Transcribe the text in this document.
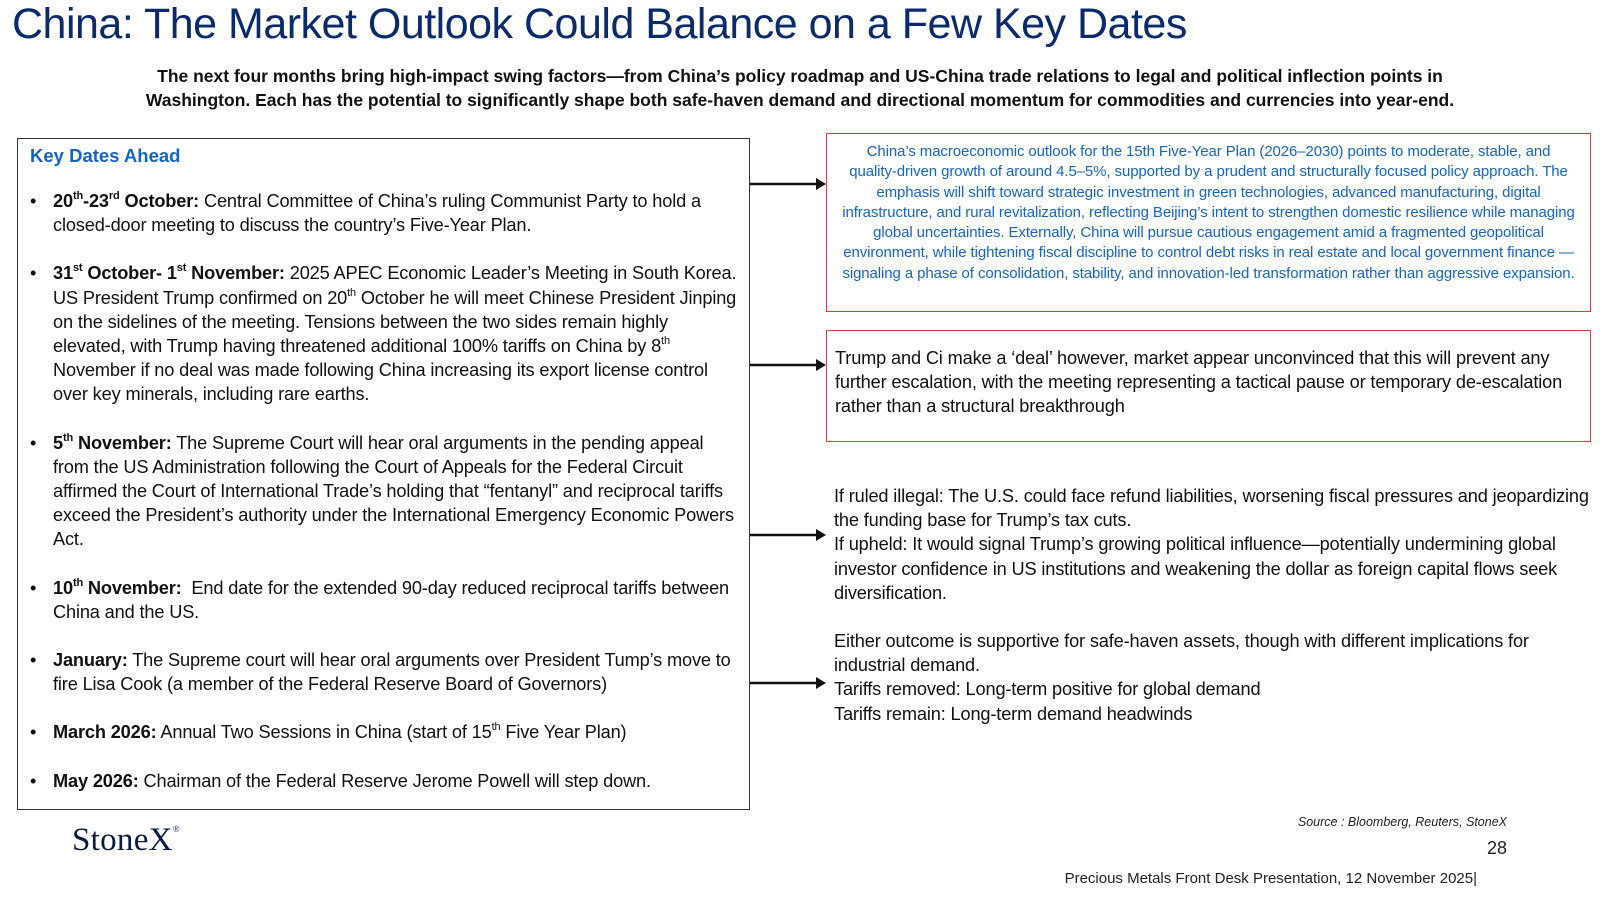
China: The Market Outlook Could Balance on a Few Key Dates
The next four months bring high-impact swing factors—from China’s policy roadmap and US-China trade relations to legal and political inflection points in
Washington. Each has the potential to significantly shape both safe-haven demand and directional momentum for commodities and currencies into year-end.
Key Dates Ahead
• 20th-23rd October: Central Committee of China’s ruling Communist Party to hold a closed-door meeting to discuss the country’s Five-Year Plan.
• 31st October- 1st November: 2025 APEC Economic Leader’s Meeting in South Korea. US President Trump confirmed on 20th October he will meet Chinese President Jinping on the sidelines of the meeting. Tensions between the two sides remain highly elevated, with Trump having threatened additional 100% tariffs on China by 8th November if no deal was made following China increasing its export license control over key minerals, including rare earths.
• 5th November: The Supreme Court will hear oral arguments in the pending appeal from the US Administration following the Court of Appeals for the Federal Circuit affirmed the Court of International Trade’s holding that “fentanyl” and reciprocal tariffs exceed the President’s authority under the International Emergency Economic Powers Act.
• 10th November:  End date for the extended 90-day reduced reciprocal tariffs between China and the US.
• January: The Supreme court will hear oral arguments over President Tump’s move to fire Lisa Cook (a member of the Federal Reserve Board of Governors)
• March 2026: Annual Two Sessions in China (start of 15th Five Year Plan)
• May 2026: Chairman of the Federal Reserve Jerome Powell will step down.
China’s macroeconomic outlook for the 15th Five-Year Plan (2026–2030) points to moderate, stable, and quality-driven growth of around 4.5–5%, supported by a prudent and structurally focused policy approach. The emphasis will shift toward strategic investment in green technologies, advanced manufacturing, digital infrastructure, and rural revitalization, reflecting Beijing’s intent to strengthen domestic resilience while managing global uncertainties. Externally, China will pursue cautious engagement amid a fragmented geopolitical environment, while tightening fiscal discipline to control debt risks in real estate and local government finance — signaling a phase of consolidation, stability, and innovation-led transformation rather than aggressive expansion.
Trump and Ci make a ‘deal’ however, market appear unconvinced that this will prevent any further escalation, with the meeting representing a tactical pause or temporary de-escalation rather than a structural breakthrough

If ruled illegal: The U.S. could face refund liabilities, worsening fiscal pressures and jeopardizing the funding base for Trump’s tax cuts.

If upheld: It would signal Trump’s growing political influence—potentially undermining global investor confidence in US institutions and weakening the dollar as foreign capital flows seek diversification.

Either outcome is supportive for safe-haven assets, though with different implications for industrial demand.

Tariffs removed: Long-term positive for global demand

Tariffs remain: Long-term demand headwinds

StoneX®	Source : Bloomberg, Reuters, StoneX
28
Precious Metals Front Desk Presentation, 12 November 2025|
